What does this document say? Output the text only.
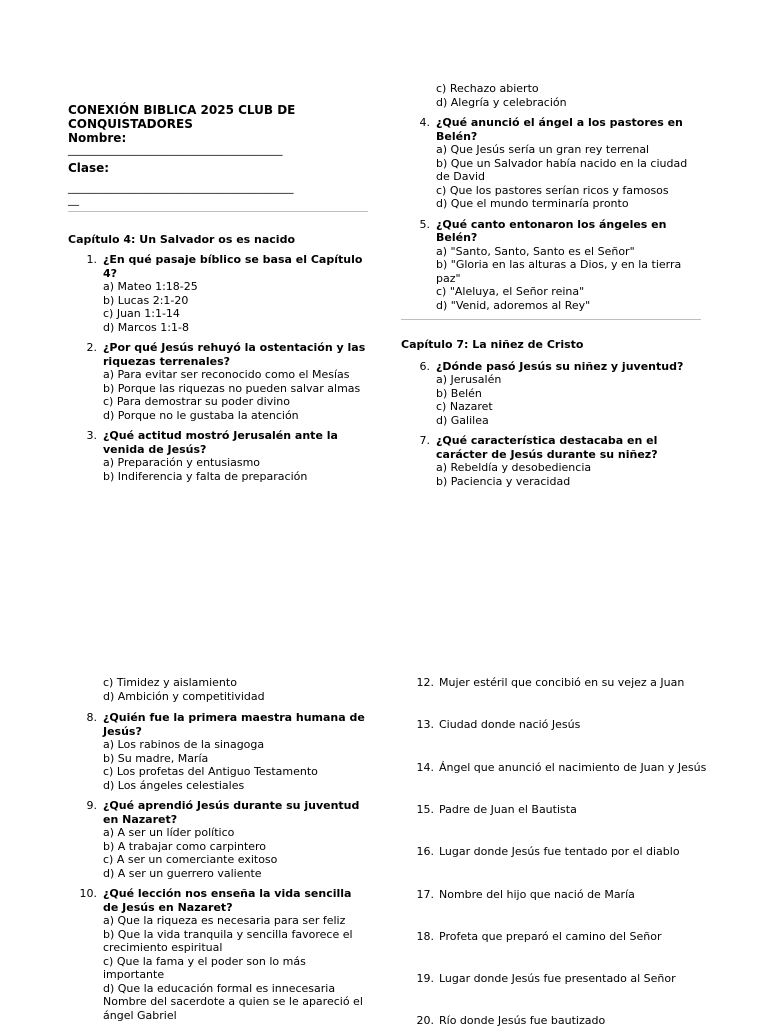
CONEXIÓN BIBLICA 2025 CLUB DE CONQUISTADORES
Nombre:
_______________________________________
Clase:
_________________________________________
__
Capítulo 4: Un Salvador os es nacido
1. ¿En qué pasaje bíblico se basa el Capítulo 4?
a) Mateo 1:18-25
b) Lucas 2:1-20
c) Juan 1:1-14
d) Marcos 1:1-8
2. ¿Por qué Jesús rehuyó la ostentación y las riquezas terrenales?
a) Para evitar ser reconocido como el Mesías
b) Porque las riquezas no pueden salvar almas
c) Para demostrar su poder divino
d) Porque no le gustaba la atención
3. ¿Qué actitud mostró Jerusalén ante la venida de Jesús?
a) Preparación y entusiasmo
b) Indiferencia y falta de preparación
c) Rechazo abierto
d) Alegría y celebración
4. ¿Qué anunció el ángel a los pastores en Belén?
a) Que Jesús sería un gran rey terrenal
b) Que un Salvador había nacido en la ciudad de David
c) Que los pastores serían ricos y famosos
d) Que el mundo terminaría pronto
5. ¿Qué canto entonaron los ángeles en Belén?
a) "Santo, Santo, Santo es el Señor"
b) "Gloria en las alturas a Dios, y en la tierra paz"
c) "Aleluya, el Señor reina"
d) "Venid, adoremos al Rey"
Capítulo 7: La niñez de Cristo
6. ¿Dónde pasó Jesús su niñez y juventud?
a) Jerusalén
b) Belén
c) Nazaret
d) Galilea
7. ¿Qué característica destacaba en el carácter de Jesús durante su niñez?
a) Rebeldía y desobediencia
b) Paciencia y veracidad
c) Timidez y aislamiento
d) Ambición y competitividad
8. ¿Quién fue la primera maestra humana de Jesús?
a) Los rabinos de la sinagoga
b) Su madre, María
c) Los profetas del Antiguo Testamento
d) Los ángeles celestiales
9. ¿Qué aprendió Jesús durante su juventud en Nazaret?
a) A ser un líder político
b) A trabajar como carpintero
c) A ser un comerciante exitoso
d) A ser un guerrero valiente
10. ¿Qué lección nos enseña la vida sencilla de Jesús en Nazaret?
a) Que la riqueza es necesaria para ser feliz
b) Que la vida tranquila y sencilla favorece el crecimiento espiritual
c) Que la fama y el poder son lo más importante
d) Que la educación formal es innecesaria
Nombre del sacerdote a quien se le apareció el ángel Gabriel
12. Mujer estéril que concibió en su vejez a Juan
13. Ciudad donde nació Jesús
14. Ángel que anunció el nacimiento de Juan y Jesús
15. Padre de Juan el Bautista
16. Lugar donde Jesús fue tentado por el diablo
17. Nombre del hijo que nació de María
18. Profeta que preparó el camino del Señor
19. Lugar donde Jesús fue presentado al Señor
20. Río donde Jesús fue bautizado
